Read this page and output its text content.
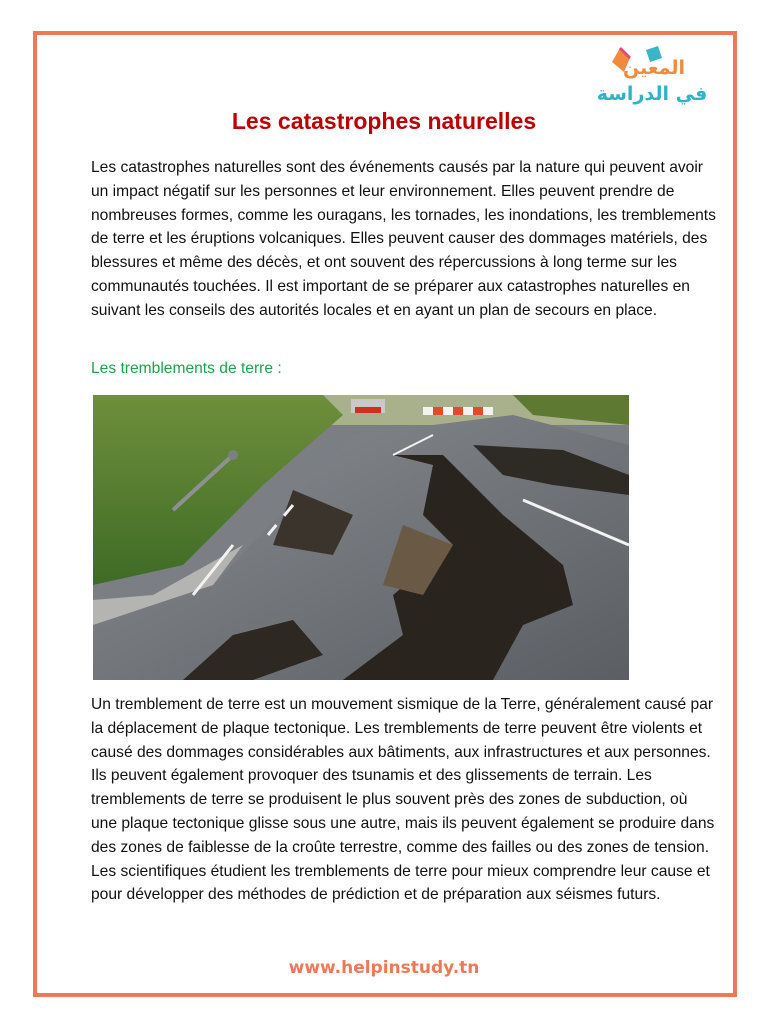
المعين
في الدراسة
Les catastrophes naturelles

Les catastrophes naturelles sont des événements causés par la nature qui peuvent avoir un impact négatif sur les personnes et leur environnement. Elles peuvent prendre de nombreuses formes, comme les ouragans, les tornades, les inondations, les tremblements de terre et les éruptions volcaniques. Elles peuvent causer des dommages matériels, des blessures et même des décès, et ont souvent des répercussions à long terme sur les communautés touchées. Il est important de se préparer aux catastrophes naturelles en suivant les conseils des autorités locales et en ayant un plan de secours en place.

Les tremblements de terre :

Un tremblement de terre est un mouvement sismique de la Terre, généralement causé par la déplacement de plaque tectonique. Les tremblements de terre peuvent être violents et causé des dommages considérables aux bâtiments, aux infrastructures et aux personnes. Ils peuvent également provoquer des tsunamis et des glissements de terrain. Les tremblements de terre se produisent le plus souvent près des zones de subduction, où une plaque tectonique glisse sous une autre, mais ils peuvent également se produire dans des zones de faiblesse de la croûte terrestre, comme des failles ou des zones de tension. Les scientifiques étudient les tremblements de terre pour mieux comprendre leur cause et pour développer des méthodes de prédiction et de préparation aux séismes futurs.

www.helpinstudy.tn
